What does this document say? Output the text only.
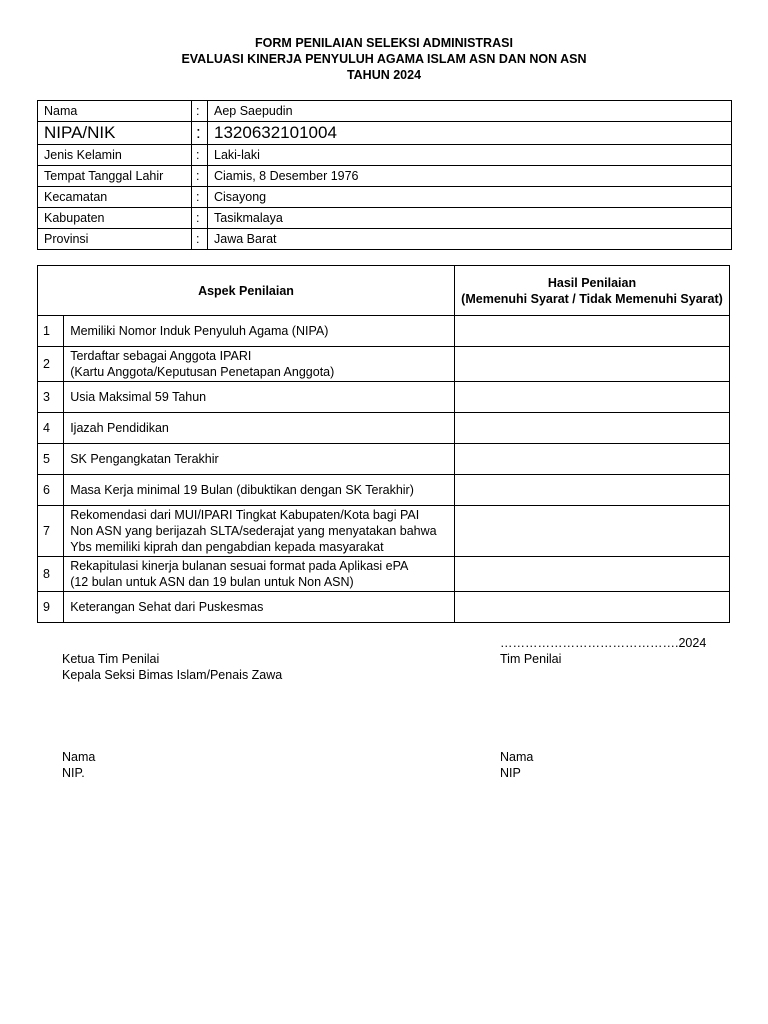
FORM PENILAIAN SELEKSI ADMINISTRASI
EVALUASI KINERJA PENYULUH AGAMA ISLAM ASN DAN NON ASN
TAHUN 2024
Nama	:	Aep Saepudin
NIPA/NIK	:	1320632101004
Jenis Kelamin	:	Laki-laki
Tempat Tanggal Lahir	:	Ciamis, 8 Desember 1976
Kecamatan	:	Cisayong
Kabupaten	:	Tasikmalaya
Provinsi	:	Jawa Barat
Aspek Penilaian		Hasil Penilaian
(Memenuhi Syarat / Tidak Memenuhi Syarat)

1	Memiliki Nomor Induk Penyuluh Agama (NIPA)	

2	Terdaftar sebagai Anggota IPARI
(Kartu Anggota/Keputusan Penetapan Anggota)	

3	Usia Maksimal 59 Tahun	

4	Ijazah Pendidikan	

5	SK Pengangkatan Terakhir	

6	Masa Kerja minimal 19 Bulan (dibuktikan dengan SK Terakhir)	

7	Rekomendasi dari MUI/IPARI Tingkat Kabupaten/Kota bagi PAI
Non ASN yang berijazah SLTA/sederajat yang menyatakan bahwa
Ybs memiliki kiprah dan pengabdian kepada masyarakat	

8	Rekapitulasi kinerja bulanan sesuai format pada Aplikasi ePA
(12 bulan untuk ASN dan 19 bulan untuk Non ASN)	

9	Keterangan Sehat dari Puskesmas	

…………………………………….2024
Ketua Tim Penilai
Kepala Seksi Bimas Islam/Penais Zawa
Tim Penilai
Nama
NIP.
Nama
NIP
